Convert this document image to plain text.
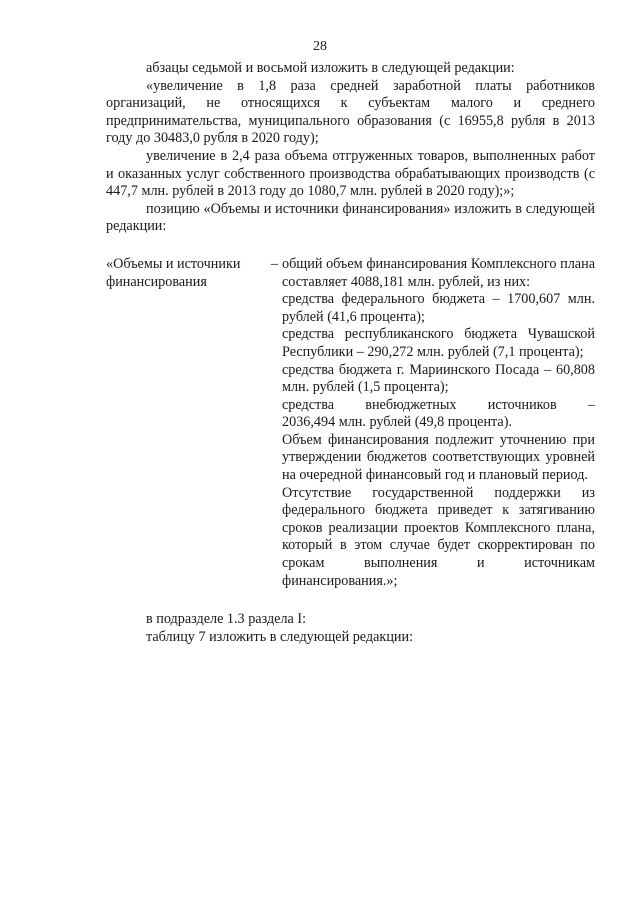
28

абзацы седьмой и восьмой изложить в следующей редакции:

«увеличение в 1,8 раза средней заработной платы работников организаций, не относящихся к субъектам малого и среднего предпринимательства, муниципального образования (с 16955,8 рубля в 2013 году до 30483,0 рубля в 2020 году);

увеличение в 2,4 раза объема отгруженных товаров, выполненных работ и оказанных услуг собственного производства обрабатывающих производств (с 447,7 млн. рублей в 2013 году до 1080,7 млн. рублей в 2020 году);»;

позицию «Объемы и источники финансирования» изложить в следующей редакции:

«Объемы и источники –
финансирования

общий объем финансирования Комплексного плана составляет 4088,181 млн. рублей, из них:

средства федерального бюджета – 1700,607 млн. рублей (41,6 процента);

средства республиканского бюджета Чувашской Республики – 290,272 млн. рублей (7,1 процента);

средства бюджета г. Мариинского Посада – 60,808 млн. рублей (1,5 процента);

средства внебюджетных источников –

2036,494 млн. рублей (49,8 процента).

Объем финансирования подлежит уточнению при утверждении бюджетов соответствующих уровней на очередной финансовый год и плановый период.

Отсутствие государственной поддержки из федерального бюджета приведет к затягиванию сроков реализации проектов Комплексного плана, который в этом случае будет скорректирован по срокам выполнения и источникам финансирования.»;

в подразделе 1.3 раздела I:

таблицу 7 изложить в следующей редакции:
